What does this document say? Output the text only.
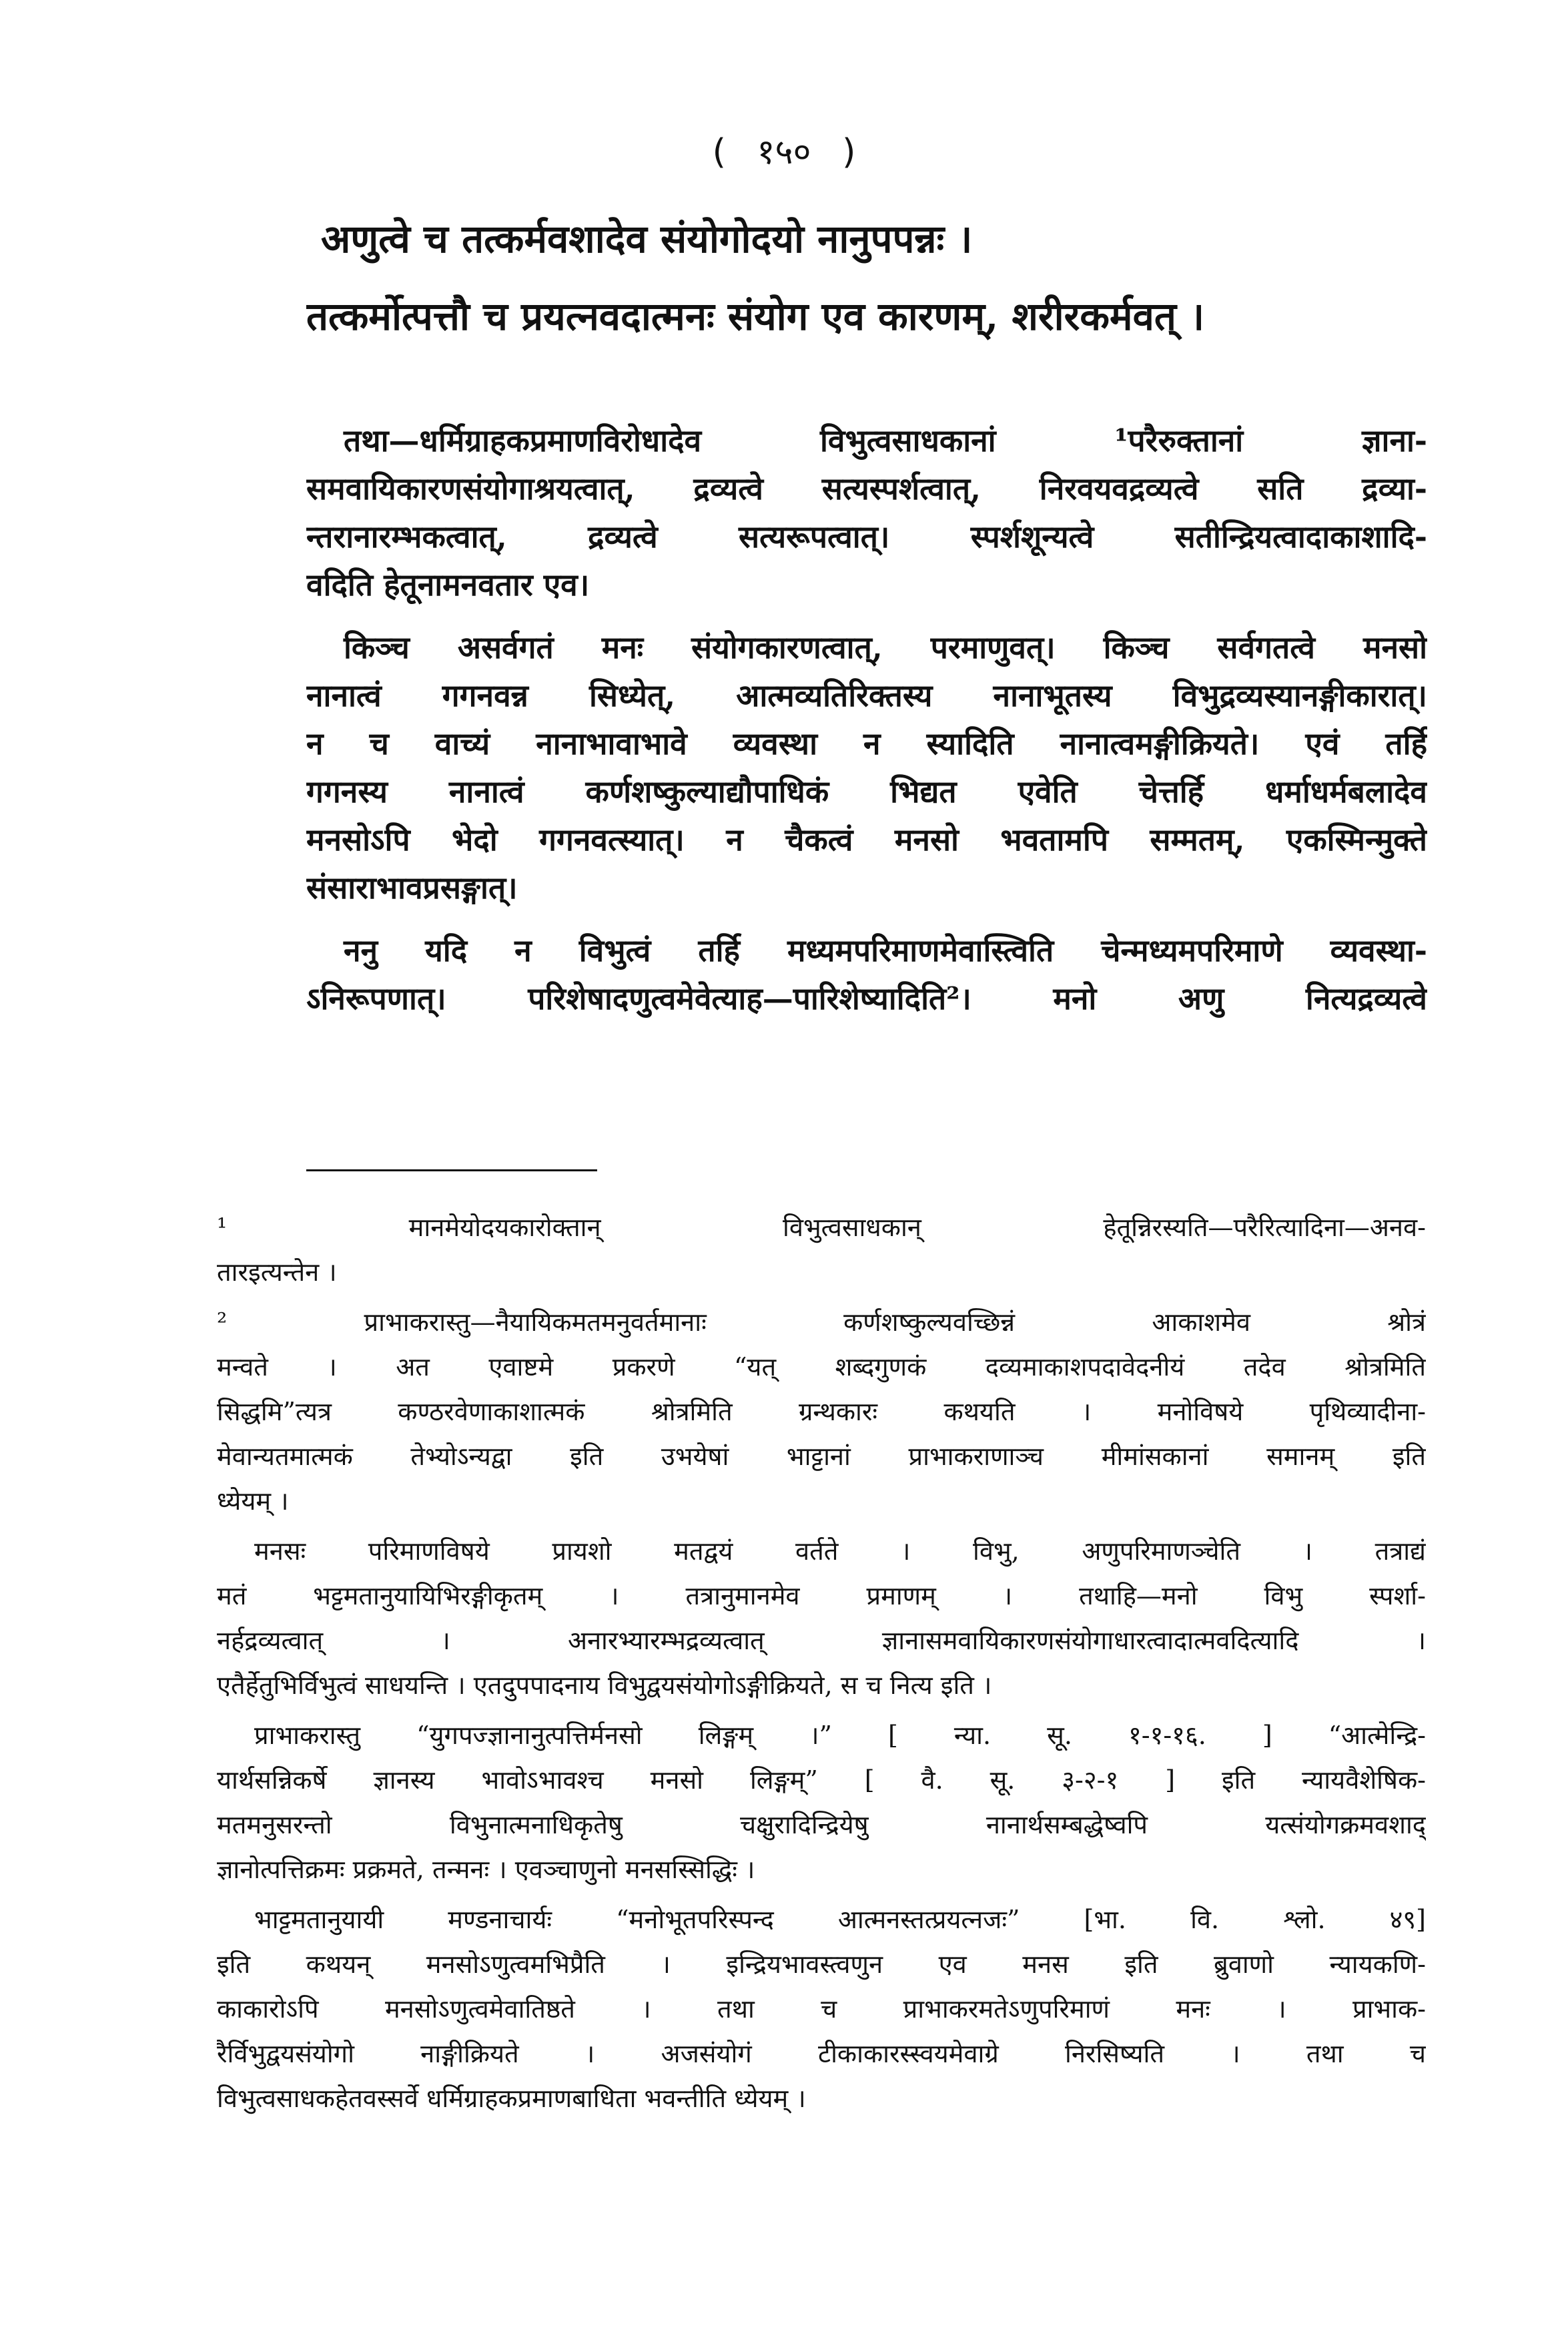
( १५० )
अणुत्वे च तत्कर्मवशादेव संयोगोदयो नानुपपन्नः ।
तत्कर्मोत्पत्तौ च प्रयत्नवदात्मनः संयोग एव कारणम्, शरीरकर्मवत् ।
तथा—धर्मिग्राहकप्रमाणविरोधादेव विभुत्वसाधकानां ¹परैरुक्तानां ज्ञाना-
समवायिकारणसंयोगाश्रयत्वात्, द्रव्यत्वे सत्यस्पर्शत्वात्, निरवयवद्रव्यत्वे सति द्रव्या-
न्तरानारम्भकत्वात्, द्रव्यत्वे सत्यरूपत्वात्। स्पर्शशून्यत्वे सतीन्द्रियत्वादाकाशादि-
वदिति हेतूनामनवतार एव।
किञ्च असर्वगतं मनः संयोगकारणत्वात्, परमाणुवत्। किञ्च सर्वगतत्वे मनसो
नानात्वं गगनवन्न सिध्येत्, आत्मव्यतिरिक्तस्य नानाभूतस्य विभुद्रव्यस्यानङ्गीकारात्।
न च वाच्यं नानाभावाभावे व्यवस्था न स्यादिति नानात्वमङ्गीक्रियते। एवं तर्हि
गगनस्य नानात्वं कर्णशष्कुल्याद्यौपाधिकं भिद्यत एवेति चेत्तर्हि धर्माधर्मबलादेव
मनसोऽपि भेदो गगनवत्स्यात्। न चैकत्वं मनसो भवतामपि सम्मतम्, एकस्मिन्मुक्ते
संसाराभावप्रसङ्गात्।
ननु यदि न विभुत्वं तर्हि मध्यमपरिमाणमेवास्त्विति चेन्मध्यमपरिमाणे व्यवस्था-
ऽनिरूपणात्। परिशेषादणुत्वमेवेत्याह—पारिशेष्यादिति²। मनो अणु नित्यद्रव्यत्वे
¹ मानमेयोदयकारोक्तान् विभुत्वसाधकान् हेतून्निरस्यति—परैरित्यादिना—अनव-
तारइत्यन्तेन ।
² प्राभाकरास्तु—नैयायिकमतमनुवर्तमानाः कर्णशष्कुल्यवच्छिन्नं आकाशमेव श्रोत्रं
मन्वते । अत एवाष्टमे प्रकरणे “यत् शब्दगुणकं दव्यमाकाशपदावेदनीयं तदेव श्रोत्रमिति
सिद्धमि”त्यत्र कण्ठरवेणाकाशात्मकं श्रोत्रमिति ग्रन्थकारः कथयति । मनोविषये पृथिव्यादीना-
मेवान्यतमात्मकं तेभ्योऽन्यद्वा इति उभयेषां भाट्टानां प्राभाकराणाञ्च मीमांसकानां समानम् इति
ध्येयम् ।
मनसः परिमाणविषये प्रायशो मतद्वयं वर्तते । विभु, अणुपरिमाणञ्चेति । तत्राद्यं
मतं भट्टमतानुयायिभिरङ्गीकृतम् । तत्रानुमानमेव प्रमाणम् । तथाहि—मनो विभु स्पर्शा-
नर्हद्रव्यत्वात् । अनारभ्यारम्भद्रव्यत्वात् ज्ञानासमवायिकारणसंयोगाधारत्वादात्मवदित्यादि ।
एतैर्हेतुभिर्विभुत्वं साधयन्ति । एतदुपपादनाय विभुद्वयसंयोगोऽङ्गीक्रियते, स च नित्य इति ।
प्राभाकरास्तु “युगपज्ज्ञानानुत्पत्तिर्मनसो लिङ्गम् ।” [ न्या. सू. १-१-१६. ] “आत्मेन्द्रि-
यार्थसन्निकर्षे ज्ञानस्य भावोऽभावश्च मनसो लिङ्गम्” [ वै. सू. ३-२-१ ] इति न्यायवैशेषिक-
मतमनुसरन्तो विभुनात्मनाधिकृतेषु चक्षुरादिन्द्रियेषु नानार्थसम्बद्धेष्वपि यत्संयोगक्रमवशाद्
ज्ञानोत्पत्तिक्रमः प्रक्रमते, तन्मनः । एवञ्चाणुनो मनसस्सिद्धिः ।
भाट्टमतानुयायी मण्डनाचार्यः “मनोभूतपरिस्पन्द आत्मनस्तत्प्रयत्नजः” [भा. वि. श्लो. ४९]
इति कथयन् मनसोऽणुत्वमभिप्रैति । इन्द्रियभावस्त्वणुन एव मनस इति ब्रुवाणो न्यायकणि-
काकारोऽपि मनसोऽणुत्वमेवातिष्ठते । तथा च प्राभाकरमतेऽणुपरिमाणं मनः । प्राभाक-
रैर्विभुद्वयसंयोगो नाङ्गीक्रियते । अजसंयोगं टीकाकारस्स्वयमेवाग्रे निरसिष्यति । तथा च
विभुत्वसाधकहेतवस्सर्वे धर्मिग्राहकप्रमाणबाधिता भवन्तीति ध्येयम् ।
